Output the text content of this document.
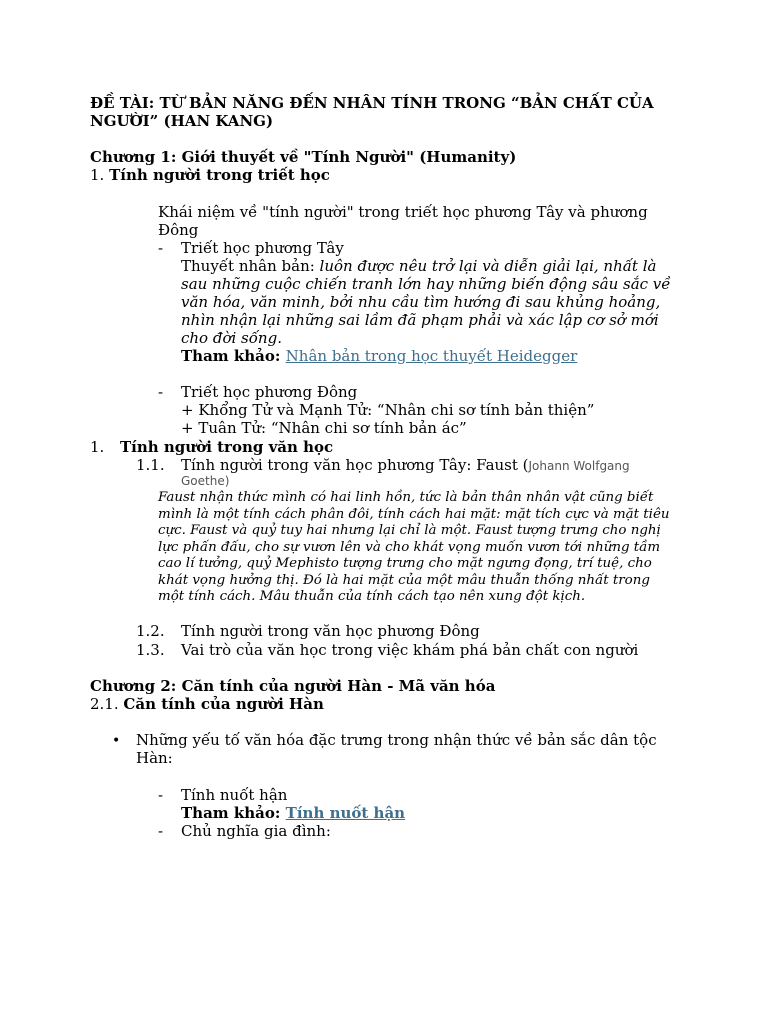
ĐỀ TÀI: TỪ BẢN NĂNG ĐẾN NHÂN TÍNH TRONG “BẢN CHẤT CỦA NGƯỜI” (HAN KANG)
Chương 1: Giới thuyết về "Tính Người" (Humanity)
1. Tính người trong triết học
Khái niệm về "tính người" trong triết học phương Tây và phương Đông
- Triết học phương Tây
Thuyết nhân bản: luôn được nêu trở lại và diễn giải lại, nhất là sau những cuộc chiến tranh lớn hay những biến động sâu sắc về văn hóa, văn minh, bởi nhu cầu tìm hướng đi sau khủng hoảng, nhìn nhận lại những sai lầm đã phạm phải và xác lập cơ sở mới cho đời sống.
Tham khảo: Nhân bản trong học thuyết Heidegger
- Triết học phương Đông
+ Khổng Tử và Mạnh Tử: “Nhân chi sơ tính bản thiện”
+ Tuân Tử: “Nhân chi sơ tính bản ác”
1. Tính người trong văn học
1.1. Tính người trong văn học phương Tây: Faust (Johann Wolfgang
Goethe)
Faust nhận thức mình có hai linh hồn, tức là bản thân nhân vật cũng biết mình là một tính cách phân đôi, tính cách hai mặt: mặt tích cực và mặt tiêu cực. Faust và quỷ tuy hai nhưng lại chỉ là một. Faust tượng trưng cho nghị lực phấn đấu, cho sự vươn lên và cho khát vọng muốn vươn tới những tầm cao lí tưởng, quỷ Mephisto tượng trưng cho mặt ngưng đọng, trí tuệ, cho khát vọng hưởng thị. Đó là hai mặt của một mâu thuẫn thống nhất trong một tính cách. Mâu thuẫn của tính cách tạo nên xung đột kịch.
1.2. Tính người trong văn học phương Đông
1.3. Vai trò của văn học trong việc khám phá bản chất con người
Chương 2: Căn tính của người Hàn - Mã văn hóa
2.1. Căn tính của người Hàn
• Những yếu tố văn hóa đặc trưng trong nhận thức về bản sắc dân tộc Hàn:
- Tính nuốt hận
Tham khảo: Tính nuốt hận
- Chủ nghĩa gia đình:
